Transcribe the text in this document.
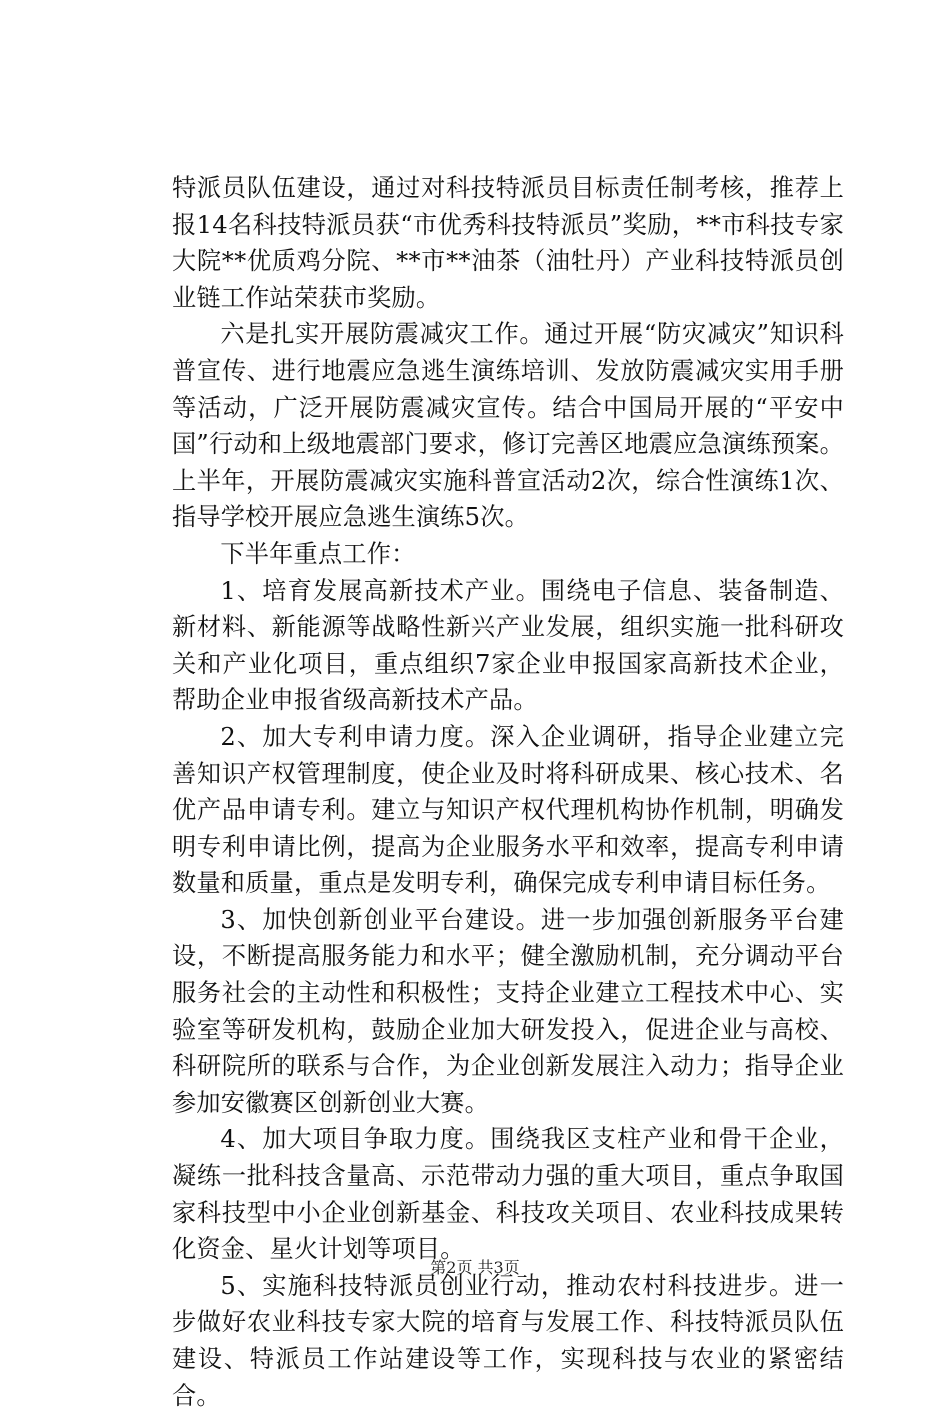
特派员队伍建设，通过对科技特派员目标责任制考核，推荐上报14名科技特派员获“市优秀科技特派员”奖励，**市科技专家大院**优质鸡分院、**市**油茶（油牡丹）产业科技特派员创业链工作站荣获市奖励。

六是扎实开展防震减灾工作。通过开展“防灾减灾”知识科普宣传、进行地震应急逃生演练培训、发放防震减灾实用手册等活动，广泛开展防震减灾宣传。结合中国局开展的“平安中国”行动和上级地震部门要求，修订完善区地震应急演练预案。上半年，开展防震减灾实施科普宣活动2次，综合性演练1次、指导学校开展应急逃生演练5次。

下半年重点工作：

1、培育发展高新技术产业。围绕电子信息、装备制造、新材料、新能源等战略性新兴产业发展，组织实施一批科研攻关和产业化项目，重点组织7家企业申报国家高新技术企业，帮助企业申报省级高新技术产品。

2、加大专利申请力度。深入企业调研，指导企业建立完善知识产权管理制度，使企业及时将科研成果、核心技术、名优产品申请专利。建立与知识产权代理机构协作机制，明确发明专利申请比例，提高为企业服务水平和效率，提高专利申请数量和质量，重点是发明专利，确保完成专利申请目标任务。

3、加快创新创业平台建设。进一步加强创新服务平台建设，不断提高服务能力和水平；健全激励机制，充分调动平台服务社会的主动性和积极性；支持企业建立工程技术中心、实验室等研发机构，鼓励企业加大研发投入，促进企业与高校、科研院所的联系与合作，为企业创新发展注入动力；指导企业参加安徽赛区创新创业大赛。

4、加大项目争取力度。围绕我区支柱产业和骨干企业，凝练一批科技含量高、示范带动力强的重大项目，重点争取国家科技型中小企业创新基金、科技攻关项目、农业科技成果转化资金、星火计划等项目。

5、实施科技特派员创业行动，推动农村科技进步。进一步做好农业科技专家大院的培育与发展工作、科技特派员队伍建设、特派员工作站建设等工作，实现科技与农业的紧密结合。

第2页 共3页
